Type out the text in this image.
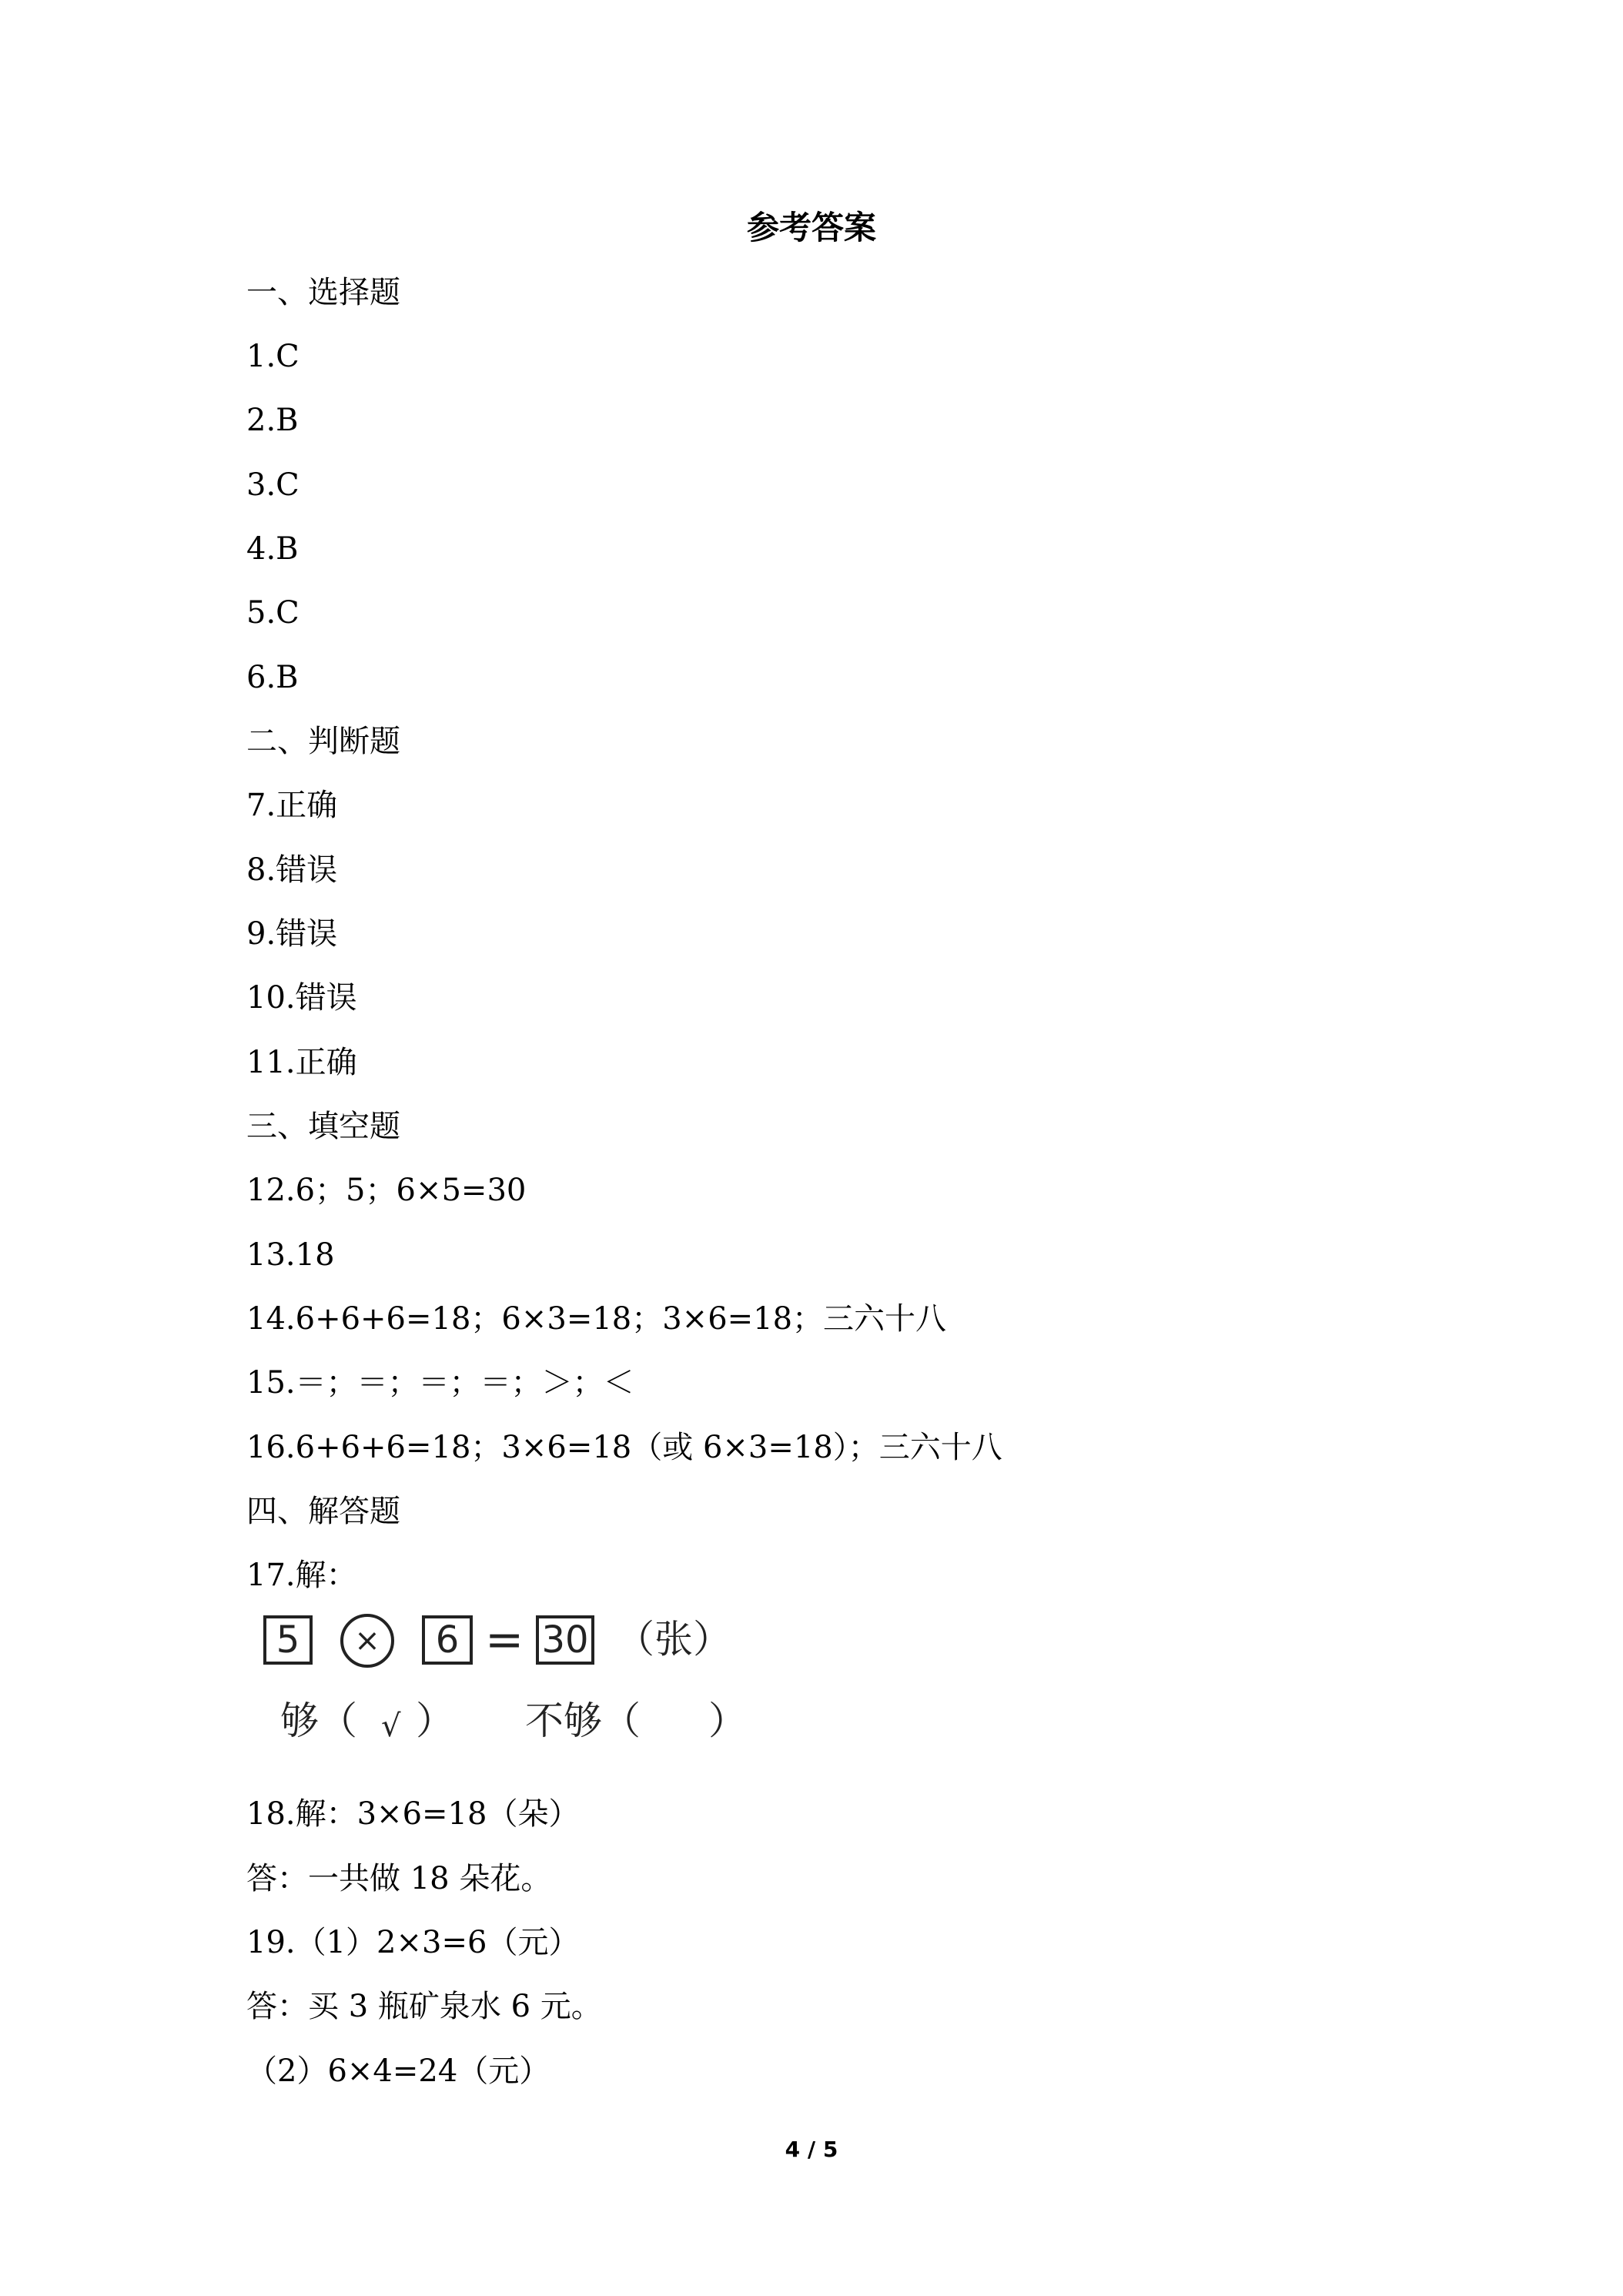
参考答案
一、选择题
1.C
2.B
3.C
4.B
5.C
6.B
二、判断题
7.正确
8.错误
9.错误
10.错误
11.正确
三、填空题
12.6；5；6×5=30
13.18
14.6+6+6=18；6×3=18；3×6=18；三六十八
15.＝；＝；＝；＝；＞；＜
16.6+6+6=18；3×6=18（或 6×3=18）；三六十八
四、解答题
17.解：
5	×	6 = 30 （张）
够（ √ ） 不够（ ）
18.解：3×6=18（朵）
答：一共做 18 朵花。
19.（1）2×3=6（元）
答：买 3 瓶矿泉水 6 元。
（2）6×4=24（元）
4 / 5
